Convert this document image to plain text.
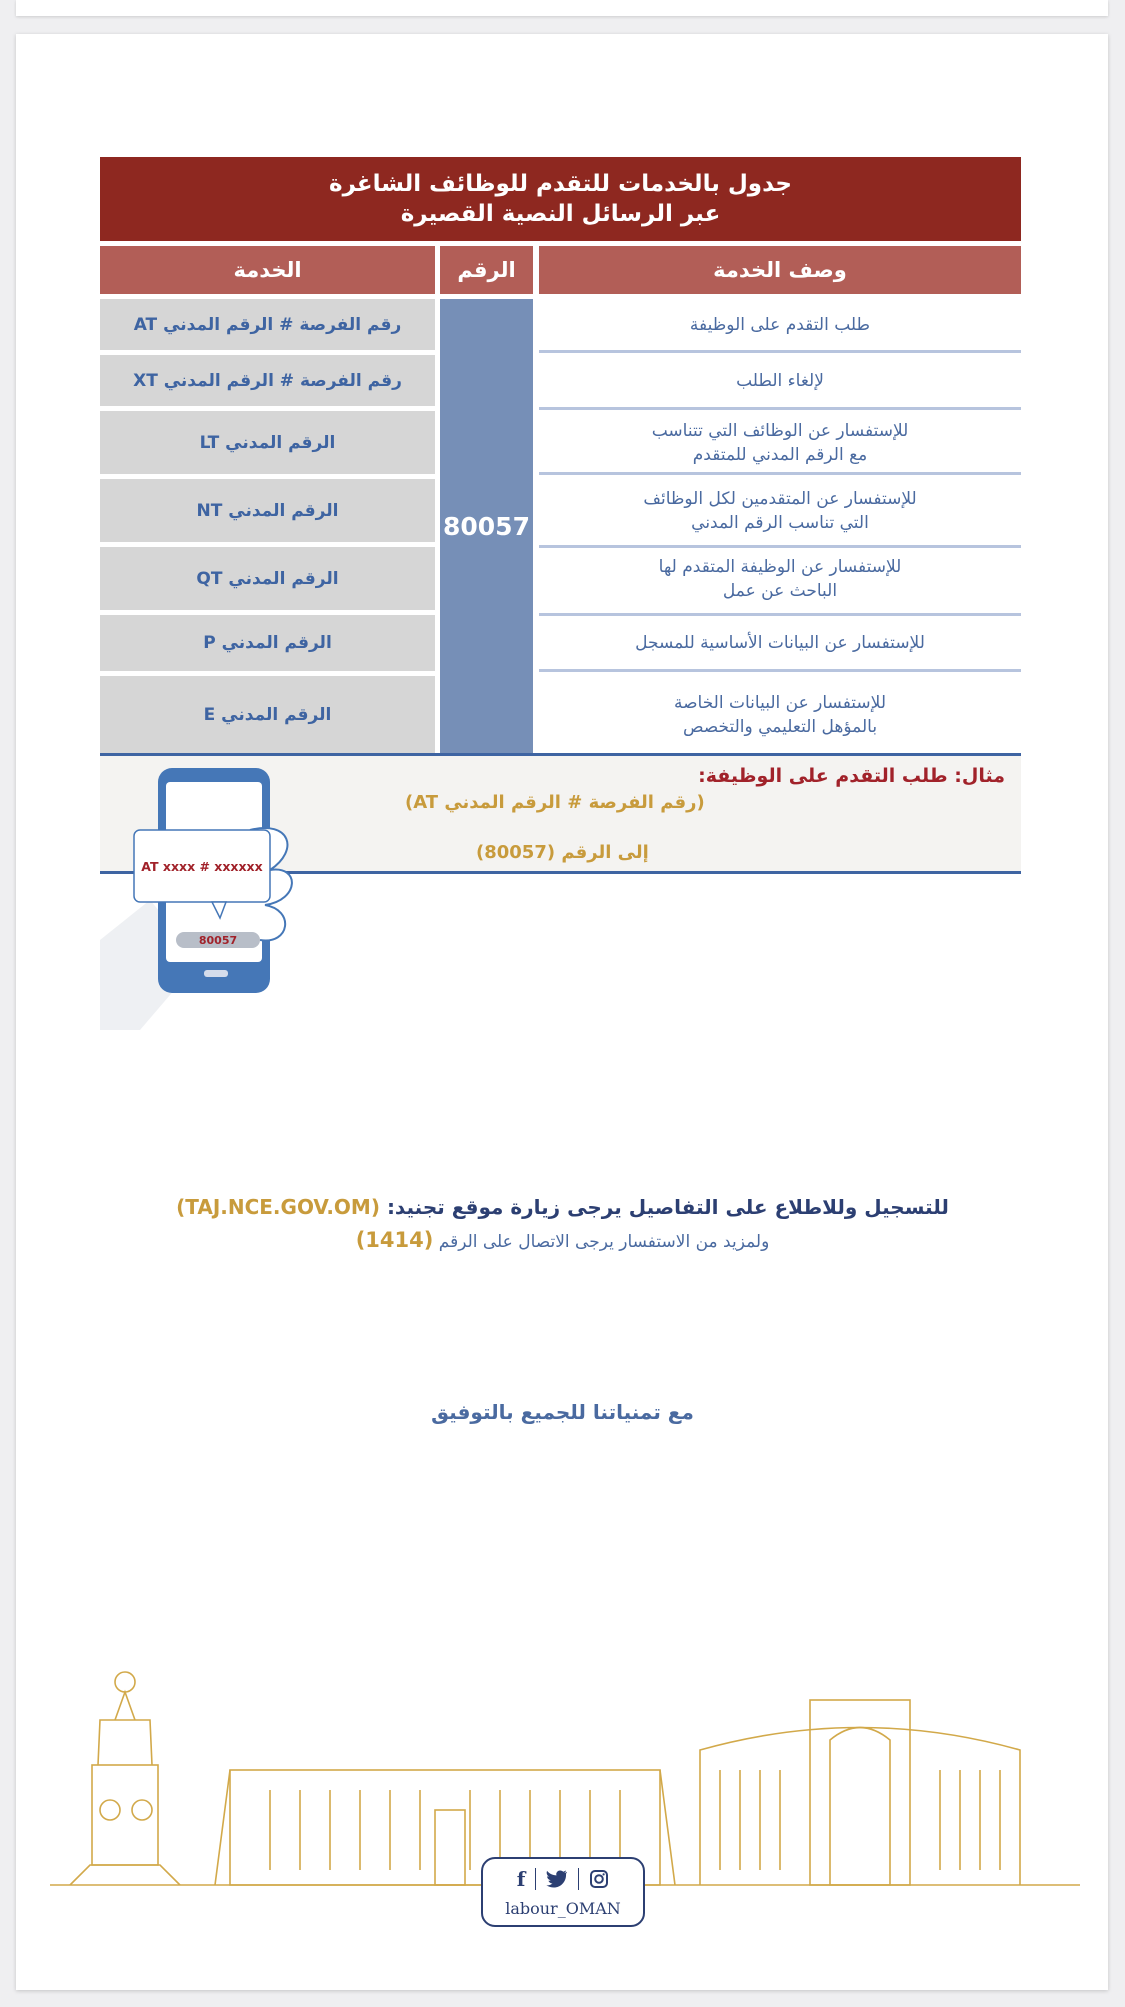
جدول بالخدمات للتقدم للوظائف الشاغرة
عبر الرسائل النصية القصيرة
الخدمة	الرقم	وصف الخدمة
رقم الفرصة # الرقم المدني AT
رقم الفرصة # الرقم المدني XT
الرقم المدني LT
الرقم المدني NT
الرقم المدني QT
الرقم المدني P
الرقم المدني E
80057
طلب التقدم على الوظيفة
لإلغاء الطلب
للإستفسار عن الوظائف التي تتناسب
مع الرقم المدني للمتقدم
للإستفسار عن المتقدمين لكل الوظائف
التي تناسب الرقم المدني
للإستفسار عن الوظيفة المتقدم لها
الباحث عن عمل
للإستفسار عن البيانات الأساسية للمسجل
للإستفسار عن البيانات الخاصة
بالمؤهل التعليمي والتخصص
مثال: طلب التقدم على الوظيفة:
(رقم الفرصة # الرقم المدني AT)
إلى الرقم (80057)
AT xxxx # xxxxxx
80057
للتسجيل وللاطلاع على التفاصيل يرجى زيارة موقع تجنيد: (TAJ.NCE.GOV.OM)
ولمزيد من الاستفسار يرجى الاتصال على الرقم (1414)
مع تمنياتنا للجميع بالتوفيق
f
labour_OMAN
